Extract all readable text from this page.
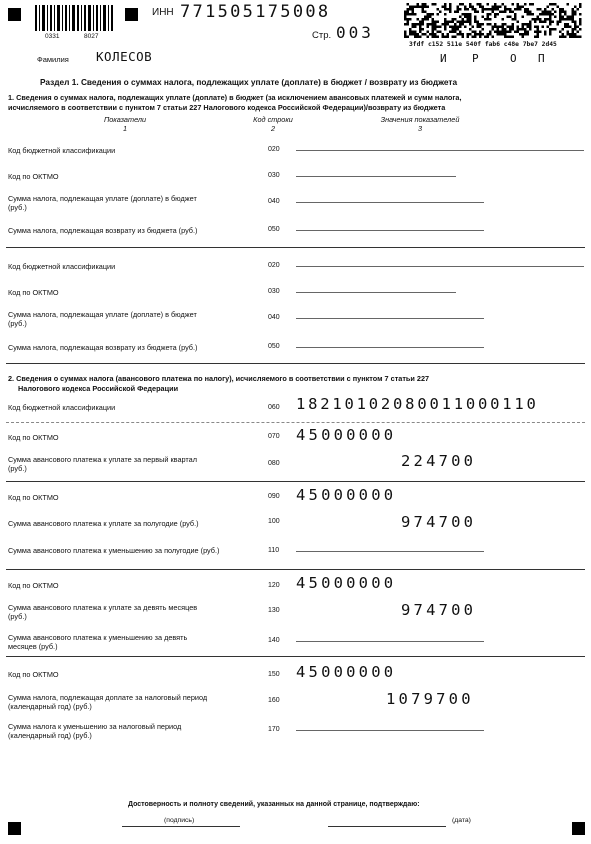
0331	8027
ИНН 771505175008
Стр. 003
Фамилия КОЛЕСОВ
3fdf c152 511e 540f fab6 c48e 7be7 2d45
И Р	О П
Раздел 1. Сведения о суммах налога, подлежащих уплате (доплате) в бюджет / возврату из бюджета
1. Сведения о суммах налога, подлежащих уплате (доплате) в бюджет (за исключением авансовых платежей и сумм налога,
исчисляемого в соответствии с пунктом 7 статьи 227 Налогового кодекса Российской Федерации)/возврату из бюджета
Показатели
1
Код строки
2
Значения показателей
3
Код бюджетной классификации	020
Код по ОКТМО	030
Сумма налога, подлежащая уплате (доплате) в бюджет
(руб.)
040
Сумма налога, подлежащая возврату из бюджета (руб.)	050
Код бюджетной классификации	020
Код по ОКТМО	030
Сумма налога, подлежащая уплате (доплате) в бюджет
(руб.)
040
Сумма налога, подлежащая возврату из бюджета (руб.)	050
2. Сведения о суммах налога (авансового платежа по налогу), исчисляемого в соответствии с пунктом 7 статьи 227
Налогового кодекса Российской Федерации
Код бюджетной классификации	060 18210102080011000110
Код по ОКТМО	070 45000000
Сумма авансового платежа к уплате за первый квартал
(руб.)
080	224700
Код по ОКТМО	090 45000000
Сумма авансового платежа к уплате за полугодие (руб.)	100	974700
Сумма авансового платежа к уменьшению за полугодие (руб.)	110
Код по ОКТМО	120 45000000
Сумма авансового платежа к уплате за девять месяцев
(руб.)
130	974700
Сумма авансового платежа к уменьшению за девять
месяцев (руб.)
140
Код по ОКТМО	150 45000000
Сумма налога, подлежащая доплате за налоговый период
(календарный год) (руб.)
160	1079700
Сумма налога к уменьшению за налоговый период
(календарный год) (руб.)
170
Достоверность и полноту сведений, указанных на данной странице, подтверждаю:
(подпись)	(дата)
